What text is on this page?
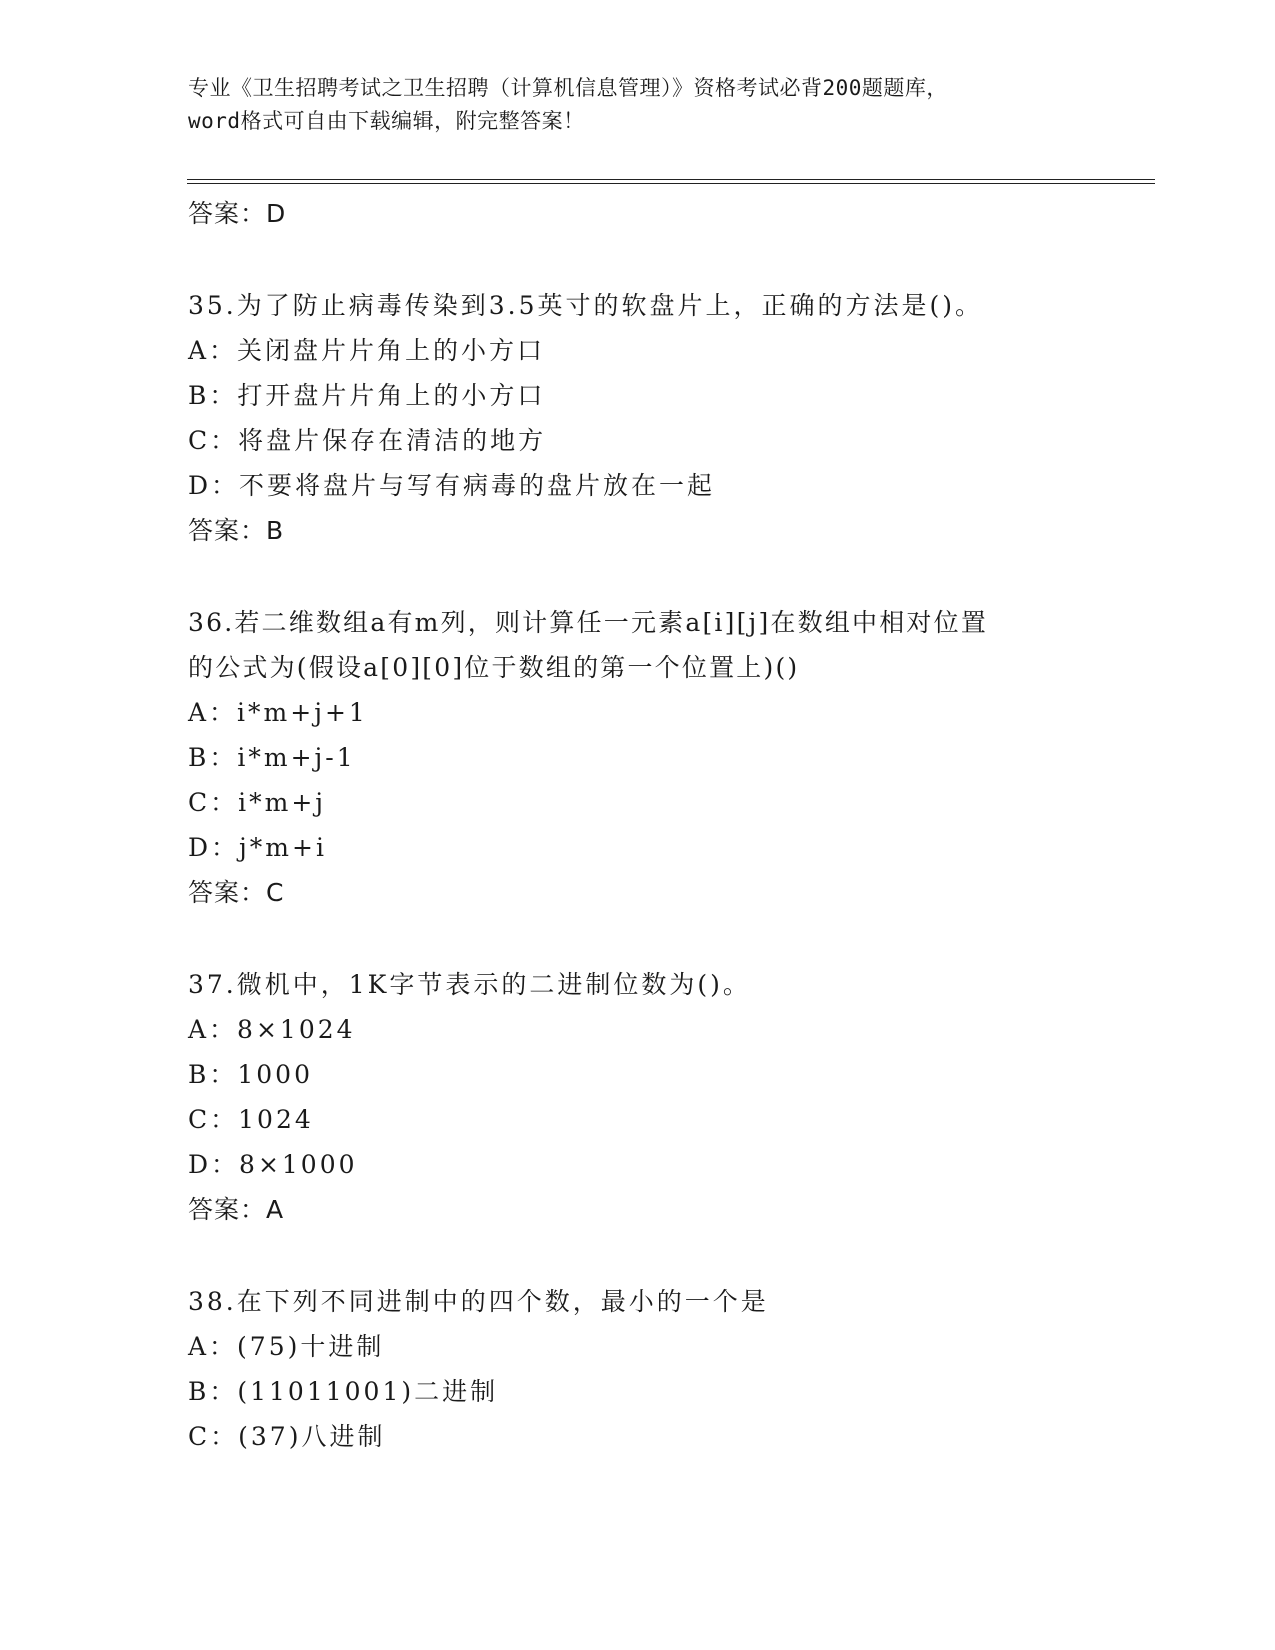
专业《卫生招聘考试之卫生招聘（计算机信息管理）》资格考试必背200题题库，
word格式可自由下载编辑，附完整答案！
答案：D
35.为了防止病毒传染到3.5英寸的软盘片上，正确的方法是()。
A：关闭盘片片角上的小方口
B：打开盘片片角上的小方口
C：将盘片保存在清洁的地方
D：不要将盘片与写有病毒的盘片放在一起
答案：B
36.若二维数组a有m列，则计算任一元素a[i][j]在数组中相对位置
的公式为(假设a[0][0]位于数组的第一个位置上)()
A：i*m+j+1
B：i*m+j-1
C：i*m+j
D：j*m+i
答案：C
37.微机中，1K字节表示的二进制位数为()。
A：8×1024
B：1000
C：1024
D：8×1000
答案：A
38.在下列不同进制中的四个数，最小的一个是
A：(75)十进制
B：(11011001)二进制
C：(37)八进制
